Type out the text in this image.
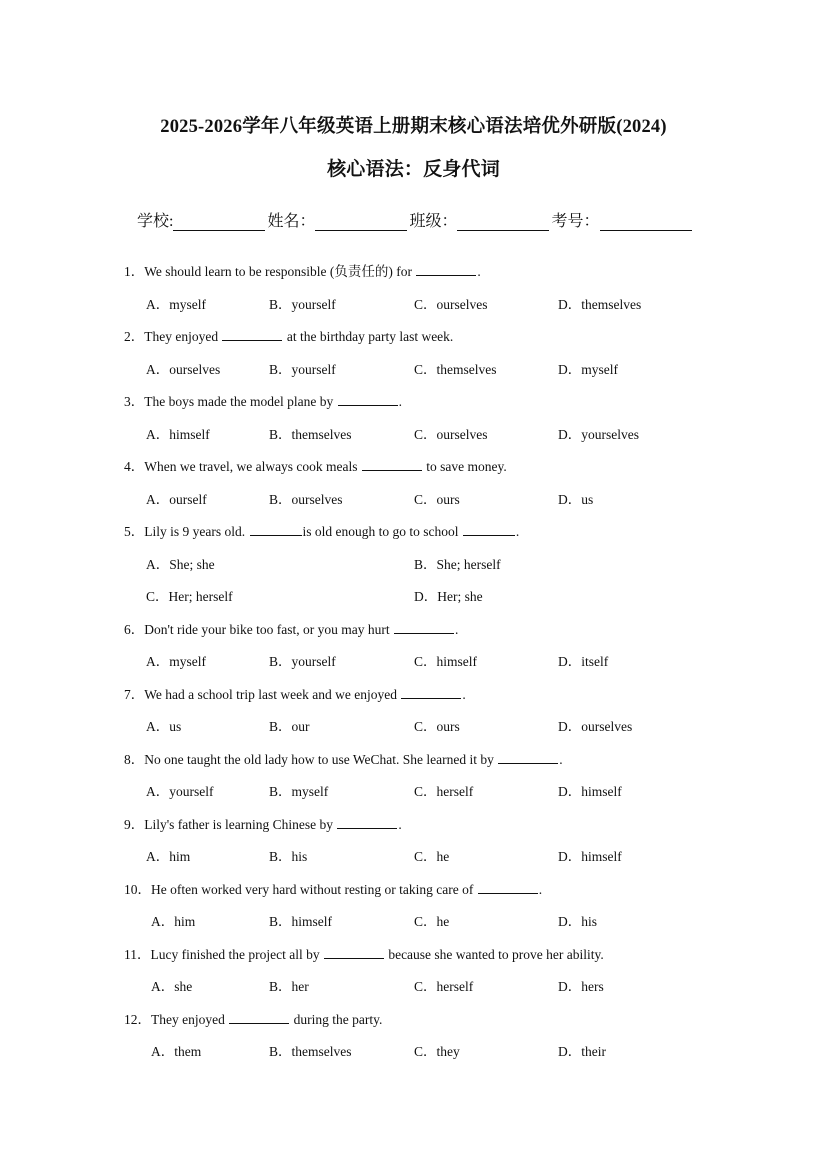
2025-2026学年八年级英语上册期末核心语法培优外研版(2024)
核心语法：反身代词
学校:	姓名：	班级：	考号：
1．We should learn to be responsible (负责任的) for	.
A．myself	B．yourself	C．ourselves	D．themselves
2．They enjoyed	at the birthday party last week.
A．ourselves	B．yourself	C．themselves	D．myself
3．The boys made the model plane by	.
A．himself	B．themselves	C．ourselves	D．yourselves
4．When we travel, we always cook meals	to save money.
A．ourself	B．ourselves	C．ours	D．us
5．Lily is 9 years old.	is old enough to go to school	.
A．She; she	B．She; herself
C．Her; herself	D．Her; she
6．Don't ride your bike too fast, or you may hurt	.
A．myself	B．yourself	C．himself	D．itself
7．We had a school trip last week and we enjoyed	.
A．us	B．our	C．ours	D．ourselves
8．No one taught the old lady how to use WeChat. She learned it by	.
A．yourself	B．myself	C．herself	D．himself
9．Lily's father is learning Chinese by	.
A．him	B．his	C．he	D．himself
10．He often worked very hard without resting or taking care of	.
A．him	B．himself	C．he	D．his
11．Lucy finished the project all by	because she wanted to prove her ability.
A．she	B．her	C．herself	D．hers
12．They enjoyed	during the party.
A．them	B．themselves	C．they	D．their
